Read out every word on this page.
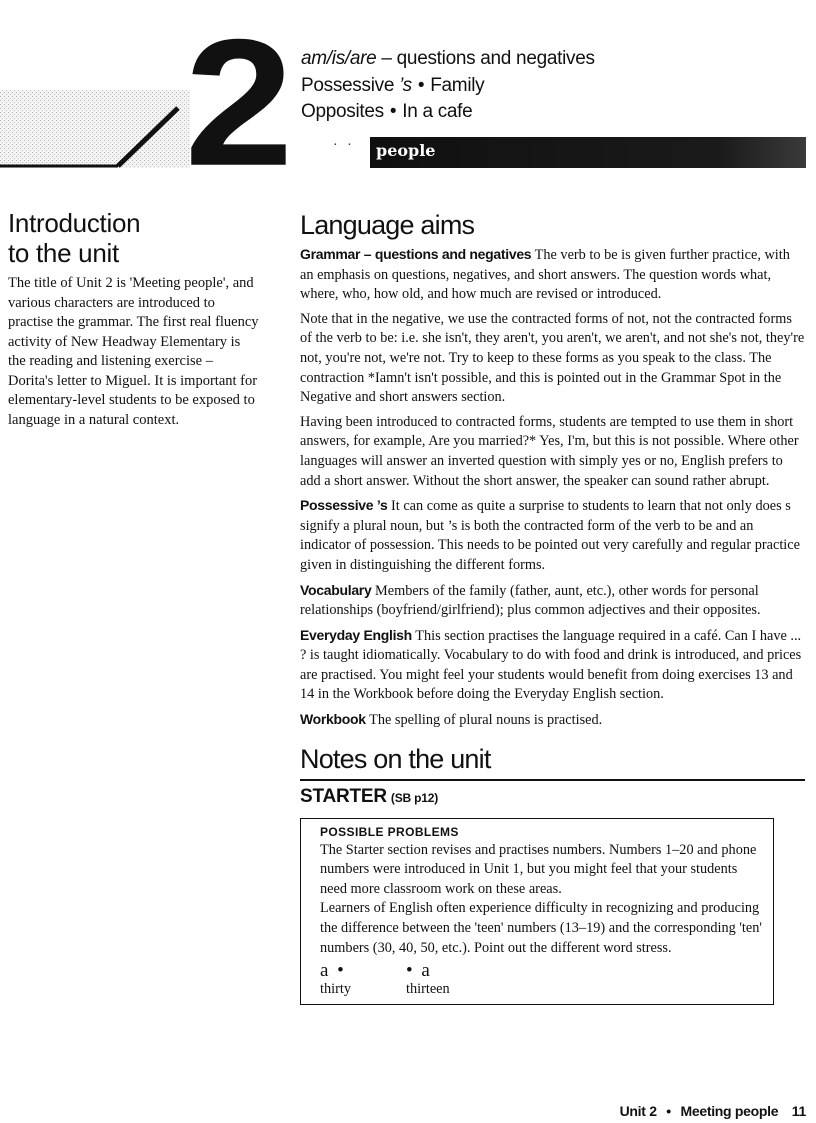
2 am/is/are – questions and negatives
Possessive ’s • Family
Opposites • In a cafe
· · people
Introduction
to the unit

The title of Unit 2 is 'Meeting people', and various characters are introduced to practise the grammar. The first real fluency activity of New Headway Elementary is the reading and listening exercise – Dorita's letter to Miguel. It is important for elementary-level students to be exposed to language in a natural context.

Language aims

Grammar – questions and negatives The verb to be is given further practice, with an emphasis on questions, negatives, and short answers. The question words what, where, who, how old, and how much are revised or introduced.

Note that in the negative, we use the contracted forms of not, not the contracted forms of the verb to be: i.e. she isn't, they aren't, you aren't, we aren't, and not she's not, they're not, you're not, we're not. Try to keep to these forms as you speak to the class. The contraction *Iamn't isn't possible, and this is pointed out in the Grammar Spot in the Negative and short answers section.

Having been introduced to contracted forms, students are tempted to use them in short answers, for example, Are you married?* Yes, I'm, but this is not possible. Where other languages will answer an inverted question with simply yes or no, English prefers to add a short answer. Without the short answer, the speaker can sound rather abrupt.

Possessive ’s It can come as quite a surprise to students to learn that not only does s signify a plural noun, but ’s is both the contracted form of the verb to be and an indicator of possession. This needs to be pointed out very carefully and regular practice given in distinguishing the different forms.

Vocabulary Members of the family (father, aunt, etc.), other words for personal relationships (boyfriend/girlfriend); plus common adjectives and their opposites.

Everyday English This section practises the language required in a café. Can I have ... ? is taught idiomatically. Vocabulary to do with food and drink is introduced, and prices are practised. You might feel your students would benefit from doing exercises 13 and 14 in the Workbook before doing the Everyday English section.

Workbook The spelling of plural nouns is practised.

Notes on the unit
STARTER (SB p12)
POSSIBLE PROBLEMS

The Starter section revises and practises numbers. Numbers 1–20 and phone numbers were introduced in Unit 1, but you might feel that your students need more classroom work on these areas.

Learners of English often experience difficulty in recognizing and producing the difference between the 'teen' numbers (13–19) and the corresponding 'ten' numbers (30, 40, 50, etc.). Point out the different word stress.

a •
thirty
• a
thirteen
Unit 2 • Meeting people 11
